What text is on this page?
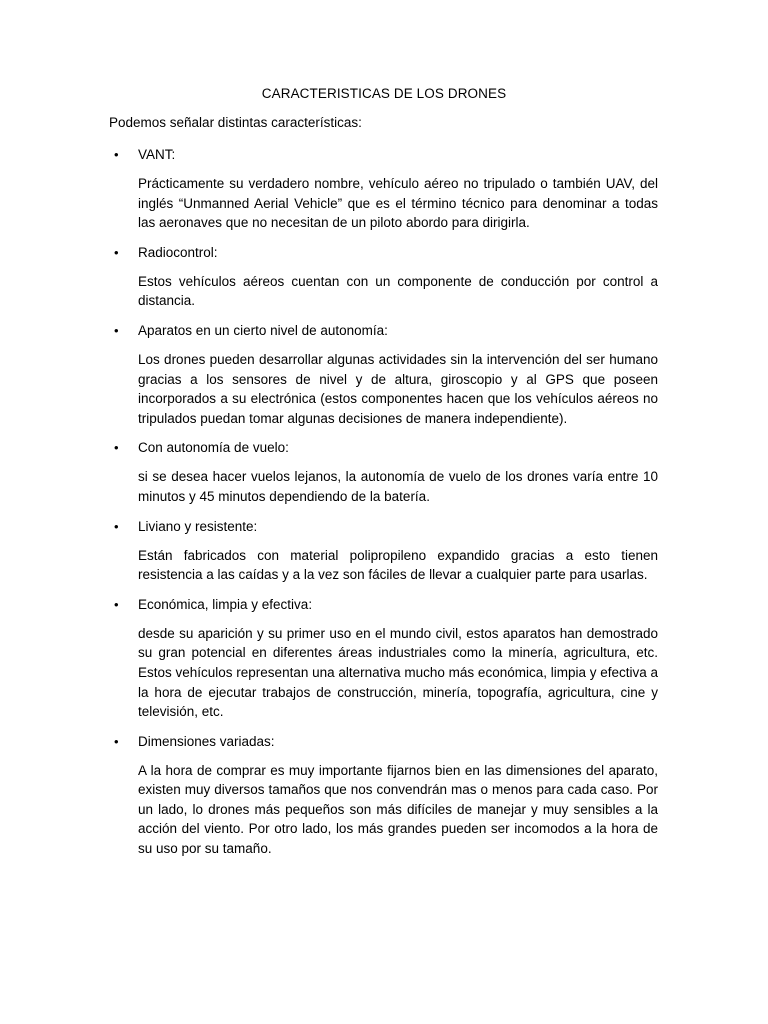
CARACTERISTICAS DE LOS DRONES
Podemos señalar distintas características:
• VANT:
Prácticamente su verdadero nombre, vehículo aéreo no tripulado o también UAV, del inglés “Unmanned Aerial Vehicle” que es el término técnico para denominar a todas las aeronaves que no necesitan de un piloto abordo para dirigirla.
• Radiocontrol:
Estos vehículos aéreos cuentan con un componente de conducción por control a distancia.
• Aparatos en un cierto nivel de autonomía:
Los drones pueden desarrollar algunas actividades sin la intervención del ser humano gracias a los sensores de nivel y de altura, giroscopio y al GPS que poseen incorporados a su electrónica (estos componentes hacen que los vehículos aéreos no tripulados puedan tomar algunas decisiones de manera independiente).
• Con autonomía de vuelo:
si se desea hacer vuelos lejanos, la autonomía de vuelo de los drones varía entre 10 minutos y 45 minutos dependiendo de la batería.
• Liviano y resistente:
Están fabricados con material polipropileno expandido gracias a esto tienen resistencia a las caídas y a la vez son fáciles de llevar a cualquier parte para usarlas.
• Económica, limpia y efectiva:
desde su aparición y su primer uso en el mundo civil, estos aparatos han demostrado su gran potencial en diferentes áreas industriales como la minería, agricultura, etc. Estos vehículos representan una alternativa mucho más económica, limpia y efectiva a la hora de ejecutar trabajos de construcción, minería, topografía, agricultura, cine y televisión, etc.
• Dimensiones variadas:
A la hora de comprar es muy importante fijarnos bien en las dimensiones del aparato, existen muy diversos tamaños que nos convendrán mas o menos para cada caso. Por un lado, lo drones más pequeños son más difíciles de manejar y muy sensibles a la acción del viento. Por otro lado, los más grandes pueden ser incomodos a la hora de su uso por su tamaño.
